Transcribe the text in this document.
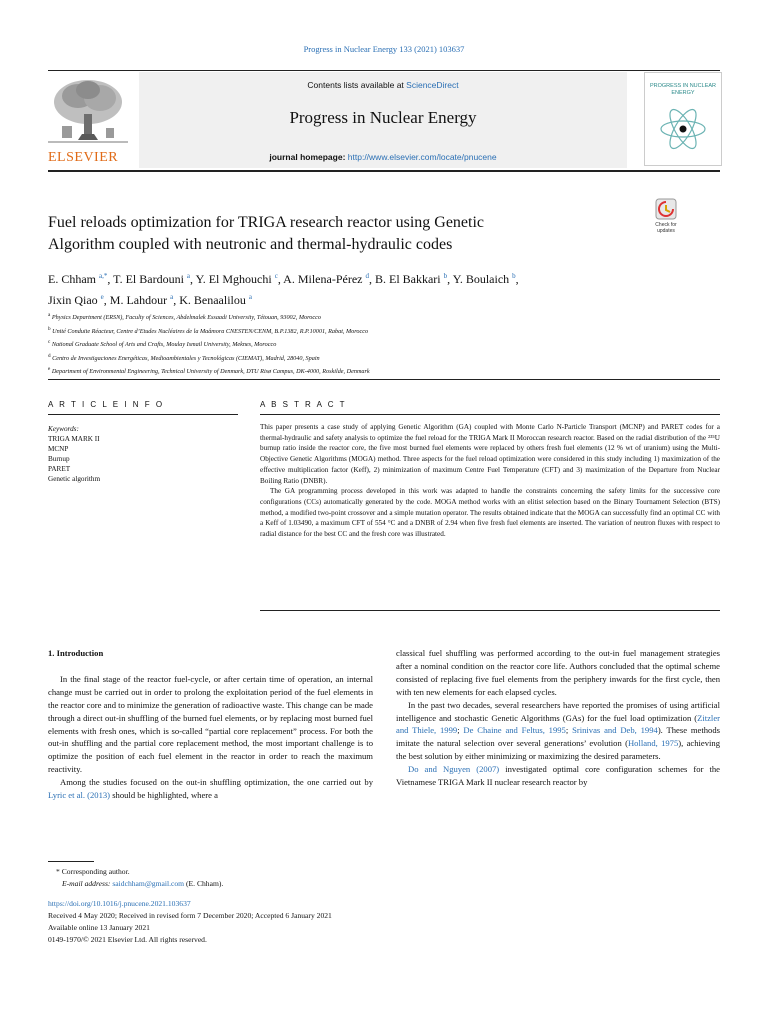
Progress in Nuclear Energy 133 (2021) 103637
ELSEVIER
Contents lists available at ScienceDirect
Progress in Nuclear Energy
journal homepage: http://www.elsevier.com/locate/pnucene
PROGRESS IN NUCLEAR ENERGY
Check for updates
Fuel reloads optimization for TRIGA research reactor using Genetic
Algorithm coupled with neutronic and thermal-hydraulic codes
E. Chham $^{a,*}$, T. El Bardouni $^a$, Y. El Mghouchi $^c$, A. Milena-Pérez $^d$, B. El Bakkari $^b$, Y. Boulaich $^b$,
Jixin Qiao $^e$, M. Lahdour $^a$, K. Benaalilou $^a$
$^a$ Physics Department (ERSN), Faculty of Sciences, Abdelmalek Essaadi University, Tétouan, 93002, Morocco
$^b$ Unité Conduite Réacteur, Centre d’Etudes Nucléaires de la Maâmora CNESTEN/CENM, B.P.1382, R.P.10001, Rabat, Morocco
$^c$ National Graduate School of Arts and Crafts, Moulay Ismail University, Meknes, Morocco
$^d$ Centro de Investigaciones Energéticas, Medioambientales y Tecnológicas (CIEMAT), Madrid, 28040, Spain
$^e$ Department of Environmental Engineering, Technical University of Denmark, DTU Risø Campus, DK-4000, Roskilde, Denmark
A R T I C L E I N F O
Keywords:
TRIGA MARK II
MCNP
Burnup
PARET
Genetic algorithm
A B S T R A C T

This paper presents a case study of applying Genetic Algorithm (GA) coupled with Monte Carlo N-Particle Transport (MCNP) and PARET codes for a thermal-hydraulic and safety analysis to optimize the fuel reload for the TRIGA Mark II Moroccan research reactor. Based on the radial distribution of the ²³⁵U burnup ratio inside the reactor core, the five most burned fuel elements were replaced by others fresh fuel elements (12 % wt of uranium) using the Multi-Objective Genetic Algorithms (MOGA) method. Three aspects for the fuel reload optimization were considered in this study including 1) maximization of the effective multiplication factor (Keff), 2) minimization of maximum Centre Fuel Temperature (CFT) and 3) maximization of the Departure from Nuclear Boiling Ratio (DNBR).

The GA programming process developed in this work was adapted to handle the constraints concerning the safety limits for the successive core configurations (CCs) automatically generated by the code. MOGA method works with an elitist selection based on the Binary Tournament Selection (BTS) method, a modified two-point crossover and a simple mutation operator. The results obtained indicate that the MOGA can successfully find an optimal CC with a Keff of 1.03490, a maximum CFT of 554 °C and a DNBR of 2.94 when five fresh fuel elements are inserted. The variation of neutron fluxes with respect to radial distance for the best CC and the fresh core was illustrated.

1. Introduction

In the final stage of the reactor fuel-cycle, or after certain time of operation, an internal change must be carried out in order to prolong the exploitation period of the fuel elements in the reactor core and to minimize the generation of radioactive waste. This change can be made through a direct out-in shuffling of the burned fuel elements, or by replacing most burned fuel elements with fresh ones, which is so-called “partial core replacement” process. For both the out-in shuffling and the partial core replacement method, the most important challenge is to optimize the position of each fuel element in the reactor in order to reach the maximum reactivity.

Among the studies focused on the out-in shuffling optimization, the one carried out by Lyric et al. (2013) should be highlighted, where a

classical fuel shuffling was performed according to the out-in fuel management strategies after a nominal condition on the reactor core life. Authors concluded that the optimal scheme consisted of replacing five fuel elements from the periphery inwards for the first cycle, then with ten new elements for each elapsed cycles.

In the past two decades, several researchers have reported the promises of using artificial intelligence and stochastic Genetic Algorithms (GAs) for the fuel load optimization (Zitzler and Thiele, 1999; De Chaine and Feltus, 1995; Srinivas and Deb, 1994). These methods imitate the natural selection over several generations’ evolution (Holland, 1975), achieving the best solution by either minimizing or maximizing the desired parameters.

Do and Nguyen (2007) investigated optimal core configuration schemes for the Vietnamese TRIGA Mark II nuclear research reactor by

* Corresponding author.
E-mail address: saidchham@gmail.com (E. Chham).
https://doi.org/10.1016/j.pnucene.2021.103637
Received 4 May 2020; Received in revised form 7 December 2020; Accepted 6 January 2021
Available online 13 January 2021
0149-1970/© 2021 Elsevier Ltd. All rights reserved.
